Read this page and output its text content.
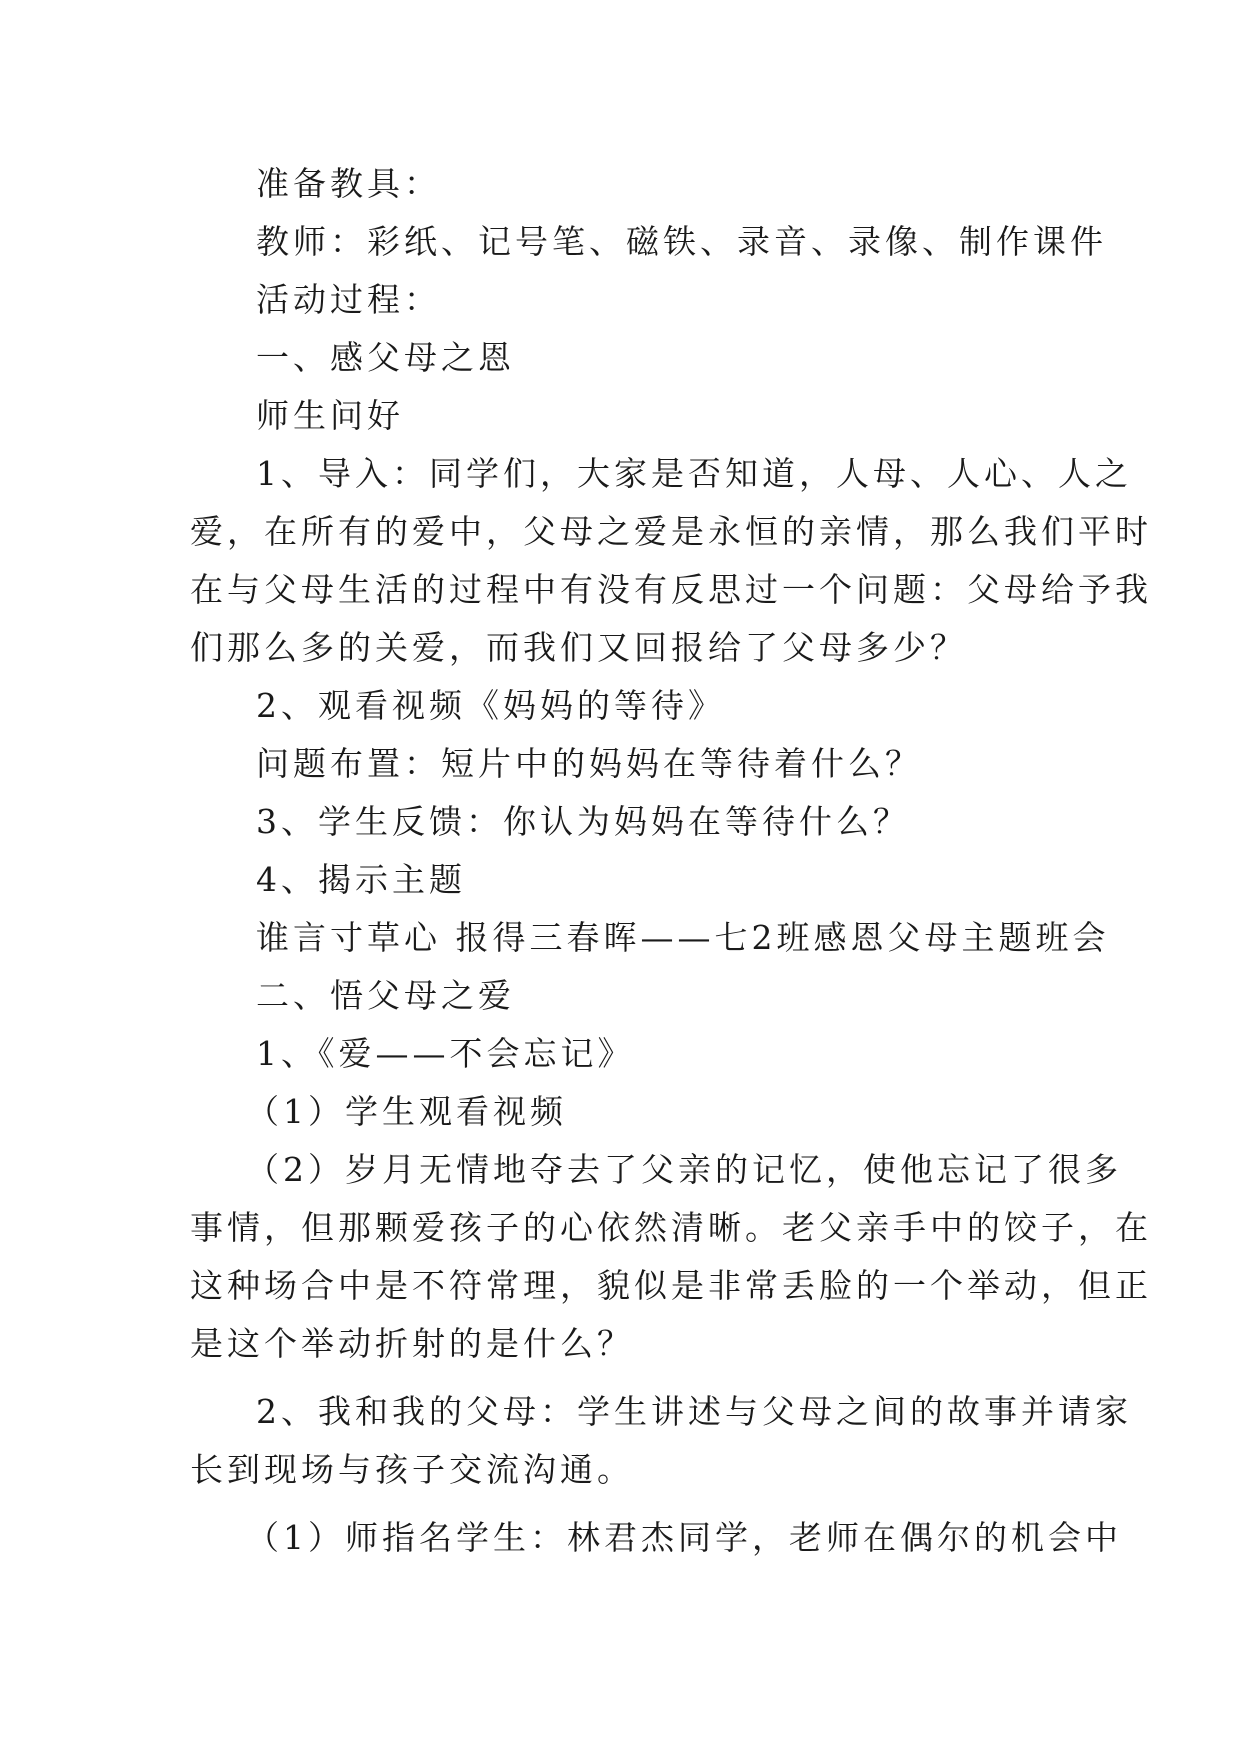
准备教具：

教师：彩纸、记号笔、磁铁、录音、录像、制作课件

活动过程：

一、感父母之恩

师生问好

1、导入：同学们，大家是否知道，人母、人心、人之

爱，在所有的爱中，父母之爱是永恒的亲情，那么我们平时

在与父母生活的过程中有没有反思过一个问题：父母给予我

们那么多的关爱，而我们又回报给了父母多少？

2、观看视频《妈妈的等待》

问题布置：短片中的妈妈在等待着什么？

3、学生反馈：你认为妈妈在等待什么？

4、揭示主题

谁言寸草心 报得三春晖——七2班感恩父母主题班会

二、悟父母之爱

1、《爱——不会忘记》

（1）学生观看视频

（2）岁月无情地夺去了父亲的记忆，使他忘记了很多

事情，但那颗爱孩子的心依然清晰。老父亲手中的饺子，在

这种场合中是不符常理，貌似是非常丢脸的一个举动，但正

是这个举动折射的是什么？

2、我和我的父母：学生讲述与父母之间的故事并请家

长到现场与孩子交流沟通。

（1）师指名学生：林君杰同学，老师在偶尔的机会中
